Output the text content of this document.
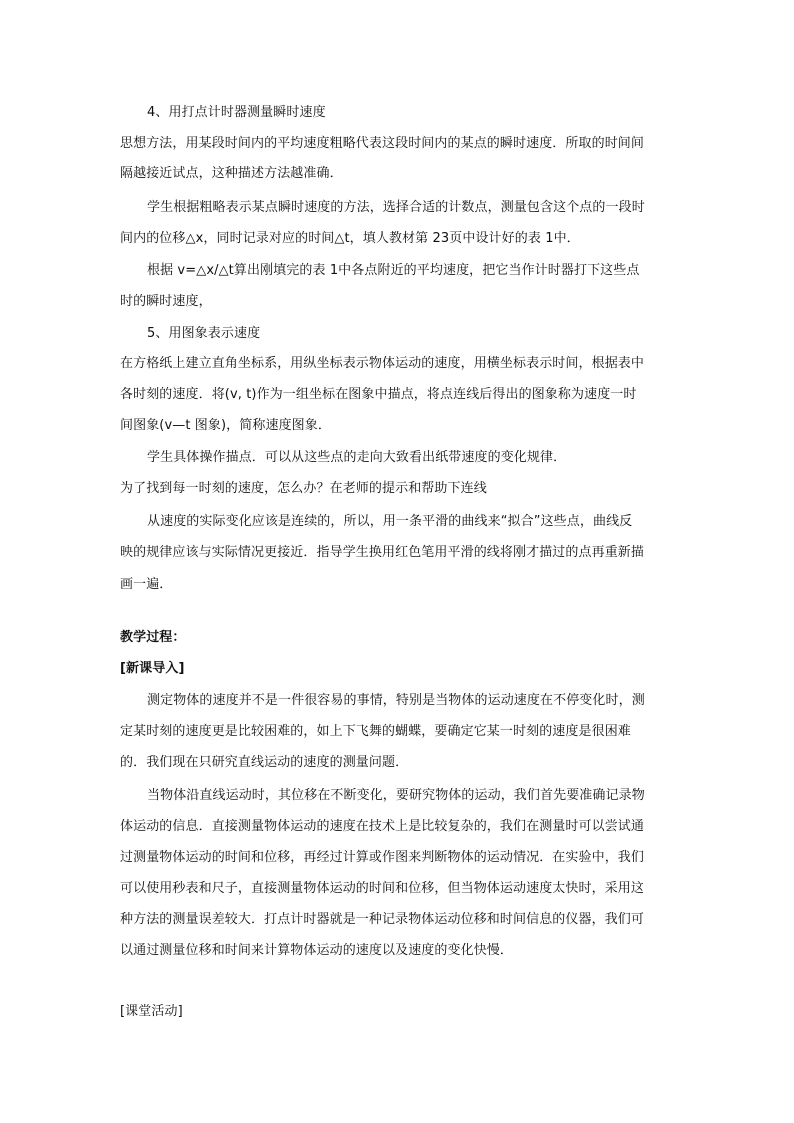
4、用打点计时器测量瞬时速度
思想方法，用某段时间内的平均速度粗略代表这段时间内的某点的瞬时速度．所取的时间间
隔越接近试点，这种描述方法越准确．
学生根据粗略表示某点瞬时速度的方法，选择合适的计数点，测量包含这个点的一段时
间内的位移△x，同时记录对应的时间△t，填人教材第 23页中设计好的表 1中．
根据 v=△x/△t算出刚填完的表 1中各点附近的平均速度，把它当作计时器打下这些点
时的瞬时速度，
5、用图象表示速度
在方格纸上建立直角坐标系，用纵坐标表示物体运动的速度，用横坐标表示时间，根据表中
各时刻的速度．将(v, t)作为一组坐标在图象中描点，将点连线后得出的图象称为速度一时
间图象(v—t 图象)，简称速度图象．
学生具体操作描点．可以从这些点的走向大致看出纸带速度的变化规律．
为了找到每一时刻的速度，怎么办？在老师的提示和帮助下连线
从速度的实际变化应该是连续的，所以，用一条平滑的曲线来“拟合”这些点，曲线反
映的规律应该与实际情况更接近．指导学生换用红色笔用平滑的线将刚才描过的点再重新描
画一遍．
教学过程：
[新课导入]
测定物体的速度并不是一件很容易的事情，特别是当物体的运动速度在不停变化时，测
定某时刻的速度更是比较困难的，如上下飞舞的蝴蝶，要确定它某一时刻的速度是很困难
的．我们现在只研究直线运动的速度的测量问题．
当物体沿直线运动时，其位移在不断变化，要研究物体的运动，我们首先要准确记录物
体运动的信息．直接测量物体运动的速度在技术上是比较复杂的，我们在测量时可以尝试通
过测量物体运动的时间和位移，再经过计算或作图来判断物体的运动情况．在实验中，我们
可以使用秒表和尺子，直接测量物体运动的时间和位移，但当物体运动速度太快时，采用这
种方法的测量误差较大．打点计时器就是一种记录物体运动位移和时间信息的仪器，我们可
以通过测量位移和时间来计算物体运动的速度以及速度的变化快慢．
[课堂活动]
